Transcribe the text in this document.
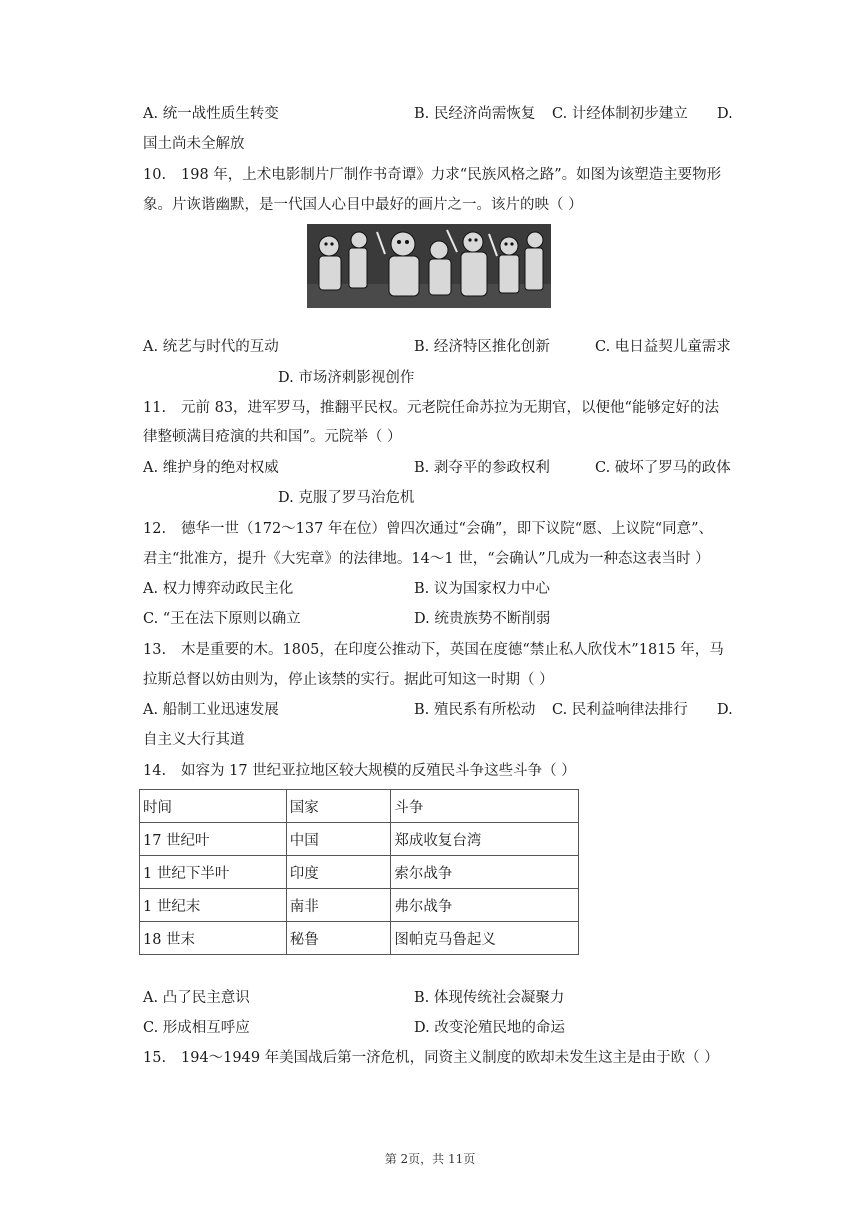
A. 统一战性质生转变	B. 民经济尚需恢复 C. 计经体制初步建立 D.
国土尚未全解放
10. 198 年，上术电影制片厂制作书奇谭》力求“民族风格之路”。如图为该塑造主要物形
象。片诙谐幽默，是一代国人心目中最好的画片之一。该片的映（ ）
A. 统艺与时代的互动	B. 经济特区推化创新	C. 电日益契儿童需求
D. 市场济刺影视创作
11. 元前 83，进军罗马，推翻平民权。元老院任命苏拉为无期官，以便他“能够定好的法
律整顿满目疮演的共和国”。元院举（ ）
A. 维护身的绝对权威	B. 剥夺平的参政权利	C. 破坏了罗马的政体
D. 克服了罗马治危机
12. 德华一世（172～137 年在位）曾四次通过“会确”，即下议院“愿、上议院“同意”、
君主“批准方，提升《大宪章》的法律地。14～1 世，“会确认”几成为一种态这表当时 ）
A. 权力博弈动政民主化	B. 议为国家权力中心
C. “王在法下原则以确立	D. 统贵族势不断削弱
13. 木是重要的木。1805，在印度公推动下，英国在度德“禁止私人欣伐木”1815 年，马
拉斯总督以妨由则为，停止该禁的实行。据此可知这一时期（ ）
A. 船制工业迅速发展	B. 殖民系有所松动 C. 民利益响律法排行 D.
自主义大行其道
14. 如容为 17 世纪亚拉地区较大规模的反殖民斗争这些斗争（ ）
时间	国家	斗争
17 世纪叶	中国	郑成收复台湾
1 世纪下半叶	印度	索尔战争
1 世纪末	南非	弗尔战争
18 世末	秘鲁	图帕克马鲁起义
A. 凸了民主意识	B. 体现传统社会凝聚力
C. 形成相互呼应	D. 改变沦殖民地的命运
15. 194～1949 年美国战后第一济危机，同资主义制度的欧却未发生这主是由于欧（ ）
第 2页，共 11页
